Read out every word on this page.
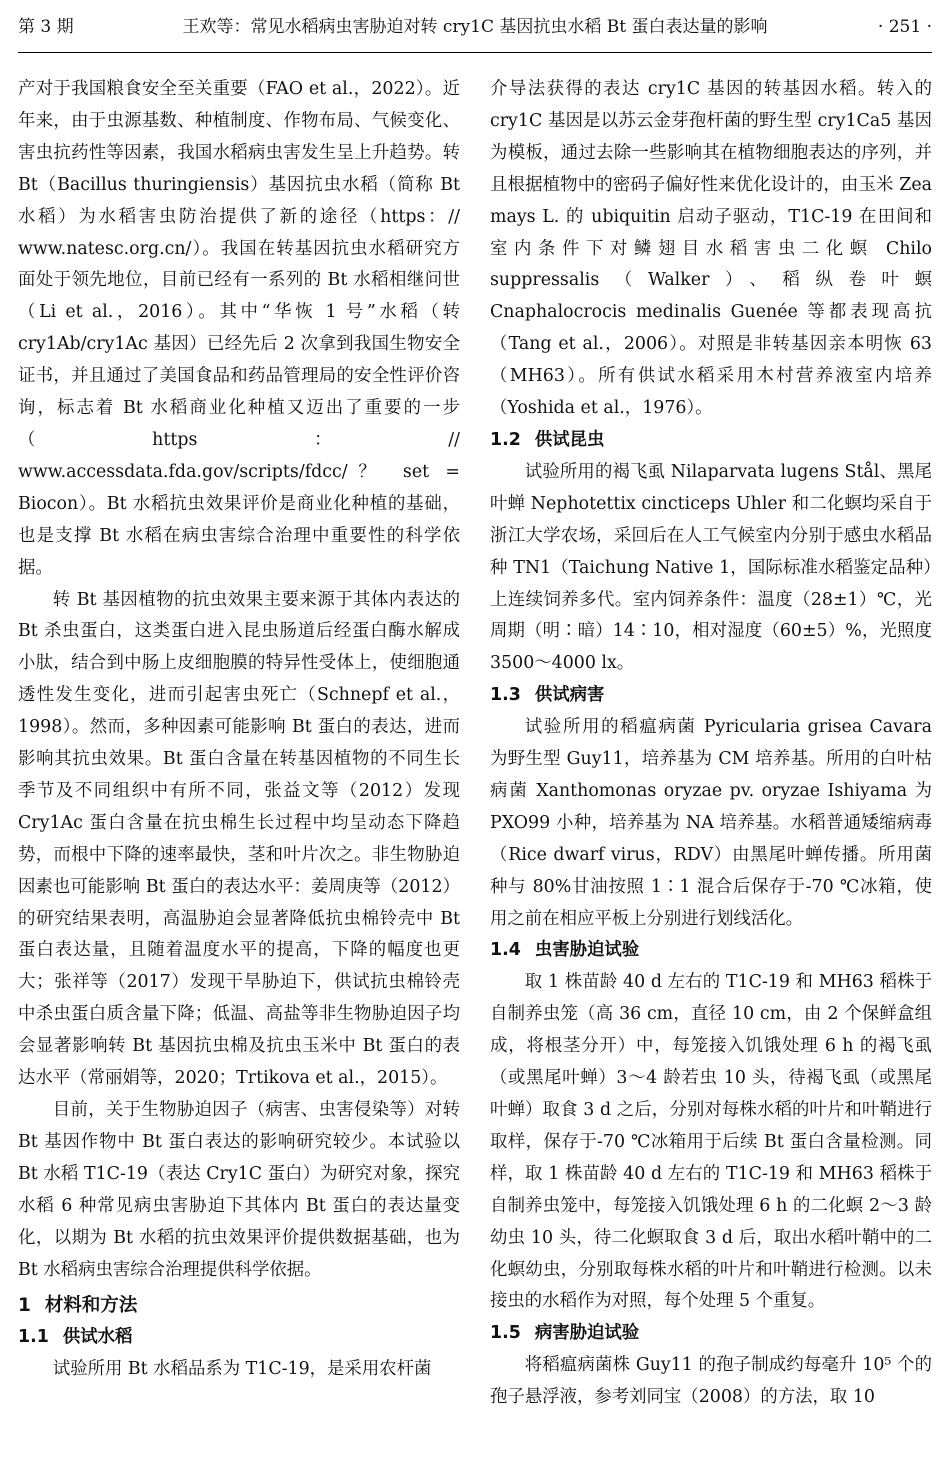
第 3 期	王欢等：常见水稻病虫害胁迫对转 cry1C 基因抗虫水稻 Bt 蛋白表达量的影响	· 251 ·

产对于我国粮食安全至关重要（FAO et al.，2022）。近年来，由于虫源基数、种植制度、作物布局、气候变化、害虫抗药性等因素，我国水稻病虫害发生呈上升趋势。转 Bt（Bacillus thuringiensis）基因抗虫水稻（简称 Bt 水稻）为水稻害虫防治提供了新的途径（https：// www.natesc.org.cn/）。我国在转基因抗虫水稻研究方面处于领先地位，目前已经有一系列的 Bt 水稻相继问世（Li et al.，2016）。其中“华恢 1 号”水稻（转 cry1Ab/cry1Ac 基因）已经先后 2 次拿到我国生物安全证书，并且通过了美国食品和药品管理局的安全性评价咨询，标志着 Bt 水稻商业化种植又迈出了重要的一步（https：// www.accessdata.fda.gov/scripts/fdcc/？ set = Biocon）。Bt 水稻抗虫效果评价是商业化种植的基础，也是支撑 Bt 水稻在病虫害综合治理中重要性的科学依据。

转 Bt 基因植物的抗虫效果主要来源于其体内表达的 Bt 杀虫蛋白，这类蛋白进入昆虫肠道后经蛋白酶水解成小肽，结合到中肠上皮细胞膜的特异性受体上，使细胞通透性发生变化，进而引起害虫死亡（Schnepf et al.，1998）。然而，多种因素可能影响 Bt 蛋白的表达，进而影响其抗虫效果。Bt 蛋白含量在转基因植物的不同生长季节及不同组织中有所不同，张益文等（2012）发现 Cry1Ac 蛋白含量在抗虫棉生长过程中均呈动态下降趋势，而根中下降的速率最快，茎和叶片次之。非生物胁迫因素也可能影响 Bt 蛋白的表达水平：姜周庚等（2012）的研究结果表明，高温胁迫会显著降低抗虫棉铃壳中 Bt 蛋白表达量，且随着温度水平的提高，下降的幅度也更大；张祥等（2017）发现干旱胁迫下，供试抗虫棉铃壳中杀虫蛋白质含量下降；低温、高盐等非生物胁迫因子均会显著影响转 Bt 基因抗虫棉及抗虫玉米中 Bt 蛋白的表达水平（常丽娟等，2020；Trtikova et al.，2015）。

目前，关于生物胁迫因子（病害、虫害侵染等）对转 Bt 基因作物中 Bt 蛋白表达的影响研究较少。本试验以 Bt 水稻 T1C-19（表达 Cry1C 蛋白）为研究对象，探究水稻 6 种常见病虫害胁迫下其体内 Bt 蛋白的表达量变化，以期为 Bt 水稻的抗虫效果评价提供数据基础，也为 Bt 水稻病虫害综合治理提供科学依据。

1 材料和方法
1.1 供试水稻

试验所用 Bt 水稻品系为 T1C-19，是采用农杆菌

介导法获得的表达 cry1C 基因的转基因水稻。转入的 cry1C 基因是以苏云金芽孢杆菌的野生型 cry1Ca5 基因为模板，通过去除一些影响其在植物细胞表达的序列，并且根据植物中的密码子偏好性来优化设计的，由玉米 Zea mays L. 的 ubiquitin 启动子驱动，T1C-19 在田间和室内条件下对鳞翅目水稻害虫二化螟 Chilo suppressalis（Walker）、稻纵卷叶螟 Cnaphalocrocis medinalis Guenée 等都表现高抗（Tang et al.，2006）。对照是非转基因亲本明恢 63（MH63）。所有供试水稻采用木村营养液室内培养（Yoshida et al.，1976）。

1.2 供试昆虫

试验所用的褐飞虱 Nilaparvata lugens Stål、黑尾叶蝉 Nephotettix cincticeps Uhler 和二化螟均采自于浙江大学农场，采回后在人工气候室内分别于感虫水稻品种 TN1（Taichung Native 1，国际标准水稻鉴定品种）上连续饲养多代。室内饲养条件：温度（28±1）℃，光周期（明∶暗）14∶10，相对湿度（60±5）%，光照度 3500～4000 lx。

1.3 供试病害

试验所用的稻瘟病菌 Pyricularia grisea Cavara 为野生型 Guy11，培养基为 CM 培养基。所用的白叶枯病菌 Xanthomonas oryzae pv. oryzae Ishiyama 为 PXO99 小种，培养基为 NA 培养基。水稻普通矮缩病毒（Rice dwarf virus，RDV）由黑尾叶蝉传播。所用菌种与 80%甘油按照 1∶1 混合后保存于-70 ℃冰箱，使用之前在相应平板上分别进行划线活化。

1.4 虫害胁迫试验

取 1 株苗龄 40 d 左右的 T1C-19 和 MH63 稻株于自制养虫笼（高 36 cm，直径 10 cm，由 2 个保鲜盒组成，将根茎分开）中，每笼接入饥饿处理 6 h 的褐飞虱（或黑尾叶蝉）3～4 龄若虫 10 头，待褐飞虱（或黑尾叶蝉）取食 3 d 之后，分别对每株水稻的叶片和叶鞘进行取样，保存于-70 ℃冰箱用于后续 Bt 蛋白含量检测。同样，取 1 株苗龄 40 d 左右的 T1C-19 和 MH63 稻株于自制养虫笼中，每笼接入饥饿处理 6 h 的二化螟 2～3 龄幼虫 10 头，待二化螟取食 3 d 后，取出水稻叶鞘中的二化螟幼虫，分别取每株水稻的叶片和叶鞘进行检测。以未接虫的水稻作为对照，每个处理 5 个重复。

1.5 病害胁迫试验

将稻瘟病菌株 Guy11 的孢子制成约每毫升 10⁵ 个的孢子悬浮液，参考刘同宝（2008）的方法，取 10
